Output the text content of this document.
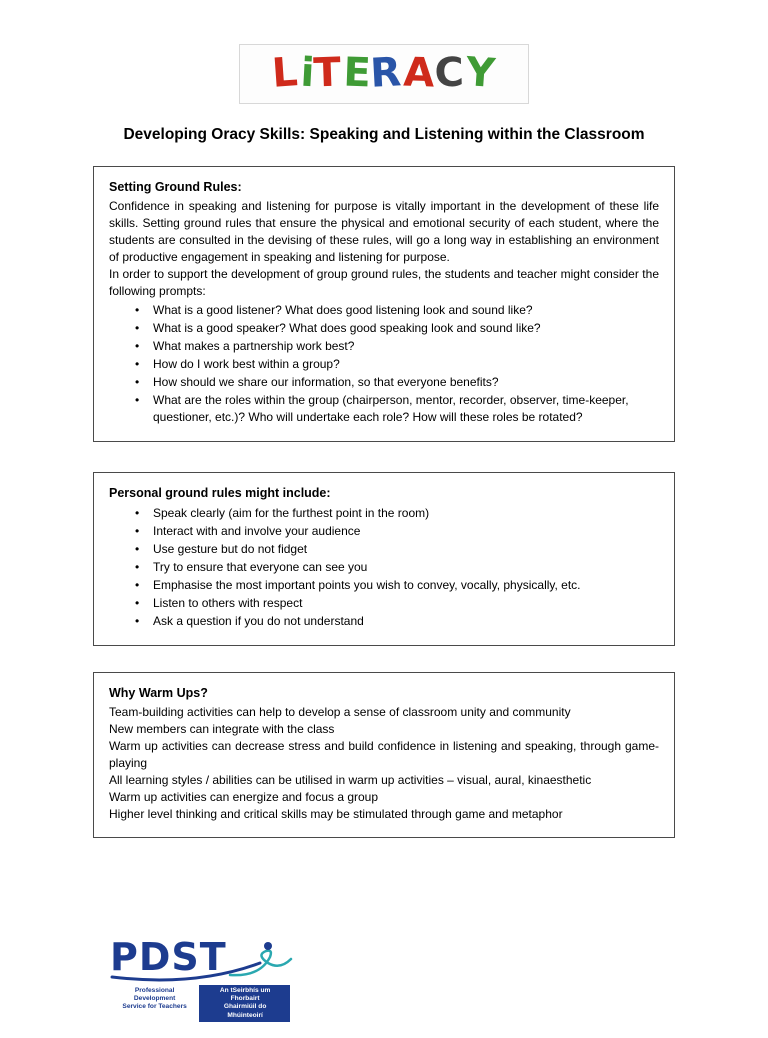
LiTERACY
Developing Oracy Skills: Speaking and Listening within the Classroom
Setting Ground Rules:

Confidence in speaking and listening for purpose is vitally important in the development of these life skills. Setting ground rules that ensure the physical and emotional security of each student, where the students are consulted in the devising of these rules, will go a long way in establishing an environment of productive engagement in speaking and listening for purpose.

In order to support the development of group ground rules, the students and teacher might consider the following prompts:

• What is a good listener? What does good listening look and sound like?
• What is a good speaker? What does good speaking look and sound like?
• What makes a partnership work best?
• How do I work best within a group?
• How should we share our information, so that everyone benefits?
• What are the roles within the group (chairperson, mentor, recorder, observer, time-keeper, questioner, etc.)? Who will undertake each role? How will these roles be rotated?
Personal ground rules might include:
• Speak clearly (aim for the furthest point in the room)
• Interact with and involve your audience
• Use gesture but do not fidget
• Try to ensure that everyone can see you
• Emphasise the most important points you wish to convey, vocally, physically, etc.
• Listen to others with respect
• Ask a question if you do not understand
Why Warm Ups?
Team-building activities can help to develop a sense of classroom unity and community
New members can integrate with the class
Warm up activities can decrease stress and build confidence in listening and speaking, through game-playing
All learning styles / abilities can be utilised in warm up activities – visual, aural, kinaesthetic
Warm up activities can energize and focus a group
Higher level thinking and critical skills may be stimulated through game and metaphor
PDST
Professional Development
Service for Teachers
An tSeirbhís um Fhorbairt
Ghairmiúil do Mhúinteoirí
